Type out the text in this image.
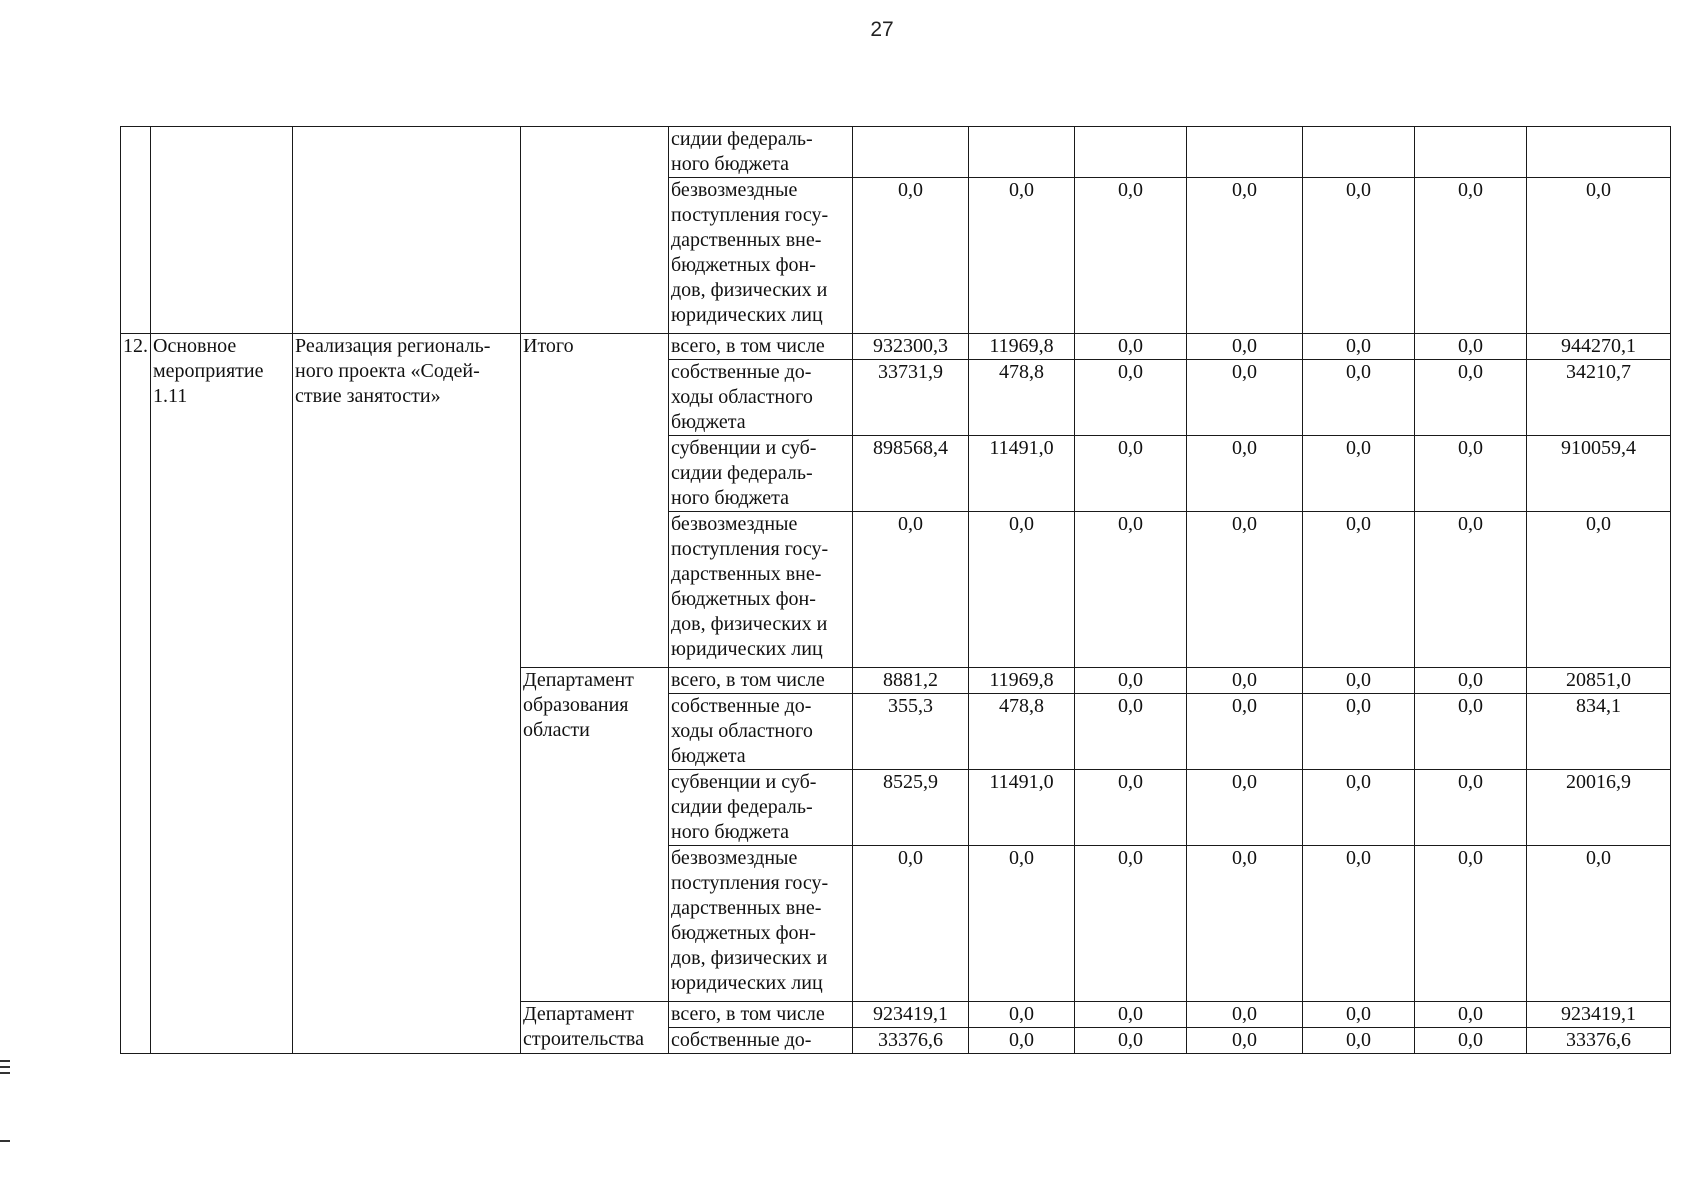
27
				сидии федераль-ного бюджета							
				безвозмездные поступления госу-дарственных вне-бюджетных фон-дов, физических и юридических лиц	0,0	0,0	0,0	0,0	0,0	0,0	0,0
12.	Основное мероприятие 1.11	Реализация региональ-ного проекта «Содей-ствие занятости»	Итого	всего, в том числе	932300,3	11969,8	0,0	0,0	0,0	0,0	944270,1
				собственные до-ходы областного бюджета	33731,9	478,8	0,0	0,0	0,0	0,0	34210,7
				субвенции и суб-сидии федераль-ного бюджета	898568,4	11491,0	0,0	0,0	0,0	0,0	910059,4
				безвозмездные поступления госу-дарственных вне-бюджетных фон-дов, физических и юридических лиц	0,0	0,0	0,0	0,0	0,0	0,0	0,0
			Департамент образования области	всего, в том числе	8881,2	11969,8	0,0	0,0	0,0	0,0	20851,0
				собственные до-ходы областного бюджета	355,3	478,8	0,0	0,0	0,0	0,0	834,1
				субвенции и суб-сидии федераль-ного бюджета	8525,9	11491,0	0,0	0,0	0,0	0,0	20016,9
				безвозмездные поступления госу-дарственных вне-бюджетных фон-дов, физических и юридических лиц	0,0	0,0	0,0	0,0	0,0	0,0	0,0
			Департамент строительства	всего, в том числе	923419,1	0,0	0,0	0,0	0,0	0,0	923419,1
				собственные до-	33376,6	0,0	0,0	0,0	0,0	0,0	33376,6
